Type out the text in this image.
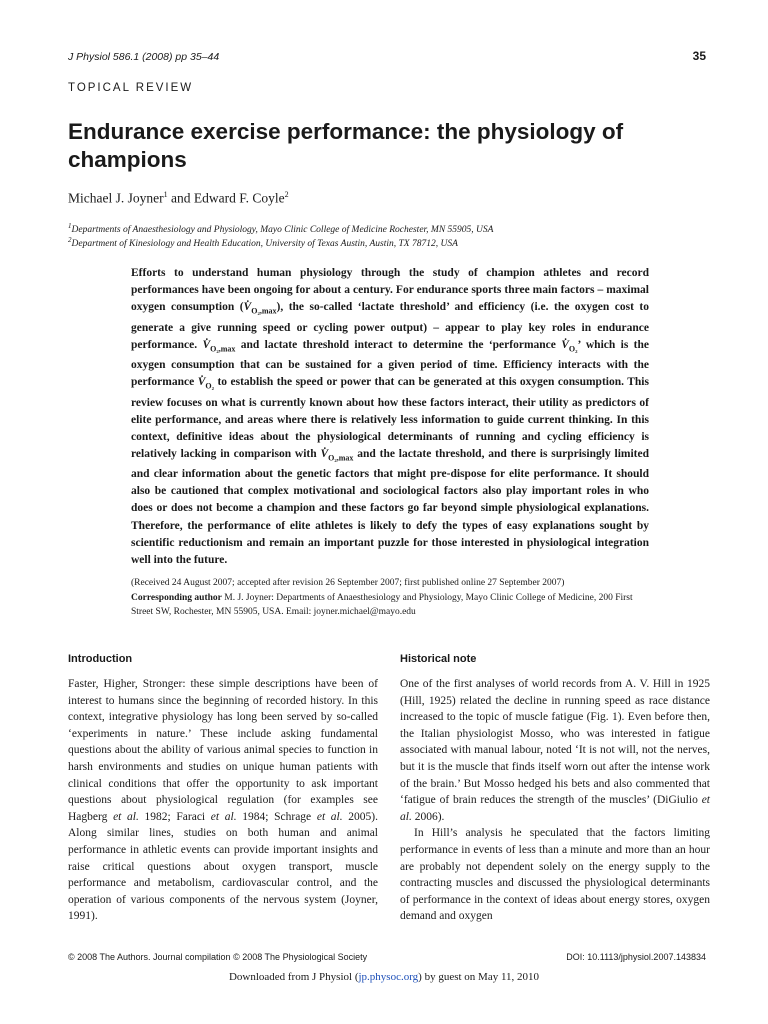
J Physiol 586.1 (2008) pp 35–44	35
TOPICAL REVIEW
Endurance exercise performance: the physiology of champions
Michael J. Joyner$^1$ and Edward F. Coyle$^2$
$^1$Departments of Anaesthesiology and Physiology, Mayo Clinic College of Medicine Rochester, MN 55905, USA
$^2$Department of Kinesiology and Health Education, University of Texas Austin, Austin, TX 78712, USA
Efforts to understand human physiology through the study of champion athletes and record performances have been ongoing for about a century. For endurance sports three main factors – maximal oxygen consumption $(V̇_{O_2,max})$, the so-called ‘lactate threshold’ and efficiency (i.e. the oxygen cost to generate a give running speed or cycling power output) – appear to play key roles in endurance performance. $V̇_{O_2,max}$ and lactate threshold interact to determine the ‘performance $V̇_{O_2}$’ which is the oxygen consumption that can be sustained for a given period of time. Efficiency interacts with the performance $V̇_{O_2}$ to establish the speed or power that can be generated at this oxygen consumption. This review focuses on what is currently known about how these factors interact, their utility as predictors of elite performance, and areas where there is relatively less information to guide current thinking. In this context, definitive ideas about the physiological determinants of running and cycling efficiency is relatively lacking in comparison with $V̇_{O_2,max}$ and the lactate threshold, and there is surprisingly limited and clear information about the genetic factors that might pre-dispose for elite performance. It should also be cautioned that complex motivational and sociological factors also play important roles in who does or does not become a champion and these factors go far beyond simple physiological explanations. Therefore, the performance of elite athletes is likely to defy the types of easy explanations sought by scientific reductionism and remain an important puzzle for those interested in physiological integration well into the future.
(Received 24 August 2007; accepted after revision 26 September 2007; first published online 27 September 2007)
Corresponding author M. J. Joyner: Departments of Anaesthesiology and Physiology, Mayo Clinic College of Medicine, 200 First Street SW, Rochester, MN 55905, USA. Email: joyner.michael@mayo.edu
Introduction	Historical note

Faster, Higher, Stronger: these simple descriptions have been of interest to humans since the beginning of recorded history. In this context, integrative physiology has long been served by so-called ‘experiments in nature.’ These include asking fundamental questions about the ability of various animal species to function in harsh environments and studies on unique human patients with clinical conditions that offer the opportunity to ask important questions about physiological regulation (for examples see Hagberg et al. 1982; Faraci et al. 1984; Schrage et al. 2005). Along similar lines, studies on both human and animal performance in athletic events can provide important insights and raise critical questions about oxygen transport, muscle performance and metabolism, cardiovascular control, and the operation of various components of the nervous system (Joyner, 1991).

One of the first analyses of world records from A. V. Hill in 1925 (Hill, 1925) related the decline in running speed as race distance increased to the topic of muscle fatigue (Fig. 1). Even before then, the Italian physiologist Mosso, who was interested in fatigue associated with manual labour, noted ‘It is not will, not the nerves, but it is the muscle that finds itself worn out after the intense work of the brain.’ But Mosso hedged his bets and also commented that ‘fatigue of brain reduces the strength of the muscles’ (DiGiulio et al. 2006).

In Hill’s analysis he speculated that the factors limiting performance in events of less than a minute and more than an hour are probably not dependent solely on the energy supply to the contracting muscles and discussed the physiological determinants of performance in the context of ideas about energy stores, oxygen demand and oxygen

© 2008 The Authors. Journal compilation © 2008 The Physiological Society	DOI: 10.1113/jphysiol.2007.143834
Downloaded from J Physiol (jp.physoc.org) by guest on May 11, 2010
